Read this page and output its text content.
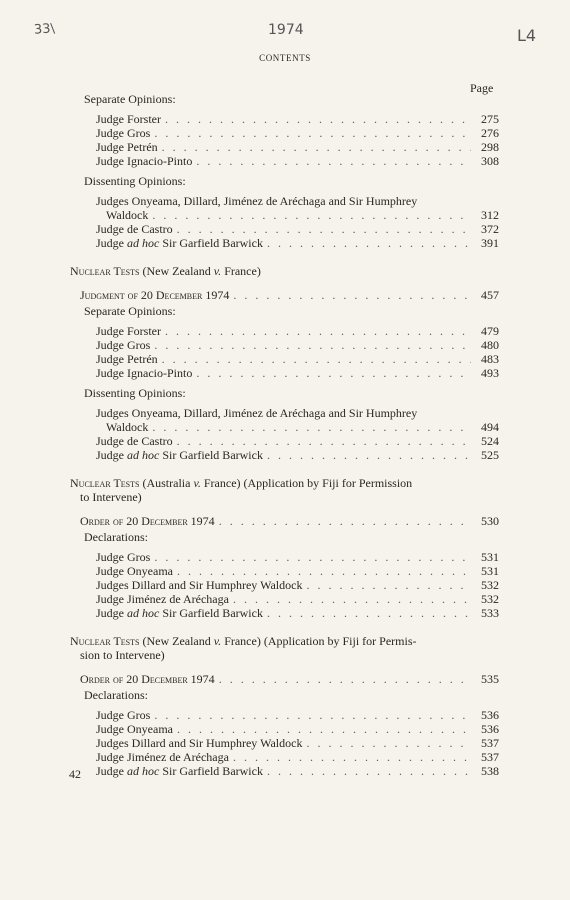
33\	1974	L4
CONTENTS
Page
Separate Opinions:
Judge Forster . . .	275
Judge Gros . . .	276
Judge Petrén . . .	298
Judge Ignacio-Pinto . . .	308
Dissenting Opinions:
Judges Onyeama, Dillard, Jiménez de Aréchaga and Sir Humphrey
Waldock . . .	312
Judge de Castro . . .	372
Judge ad hoc Sir Garfield Barwick . . .	391
Nuclear Tests (New Zealand v. France)
Judgment of 20 December 1974 . . .	457
Separate Opinions:
Judge Forster . . .	479
Judge Gros . . .	480
Judge Petrén . . .	483
Judge Ignacio-Pinto . . .	493
Dissenting Opinions:
Judges Onyeama, Dillard, Jiménez de Aréchaga and Sir Humphrey
Waldock . . .	494
Judge de Castro . . .	524
Judge ad hoc Sir Garfield Barwick . . .	525
Nuclear Tests (Australia v. France) (Application by Fiji for Permission
to Intervene)
Order of 20 December 1974 . . .	530
Declarations:
Judge Gros . . .	531
Judge Onyeama . . .	531
Judges Dillard and Sir Humphrey Waldock . . .	532
Judge Jiménez de Aréchaga . . .	532
Judge ad hoc Sir Garfield Barwick . . .	533
Nuclear Tests (New Zealand v. France) (Application by Fiji for Permis-
sion to Intervene)
Order of 20 December 1974 . . .	535
Declarations:
Judge Gros . . .	536
Judge Onyeama . . .	536
Judges Dillard and Sir Humphrey Waldock . . .	537
Judge Jiménez de Aréchaga . . .	537
Judge ad hoc Sir Garfield Barwick . . .	538
42
